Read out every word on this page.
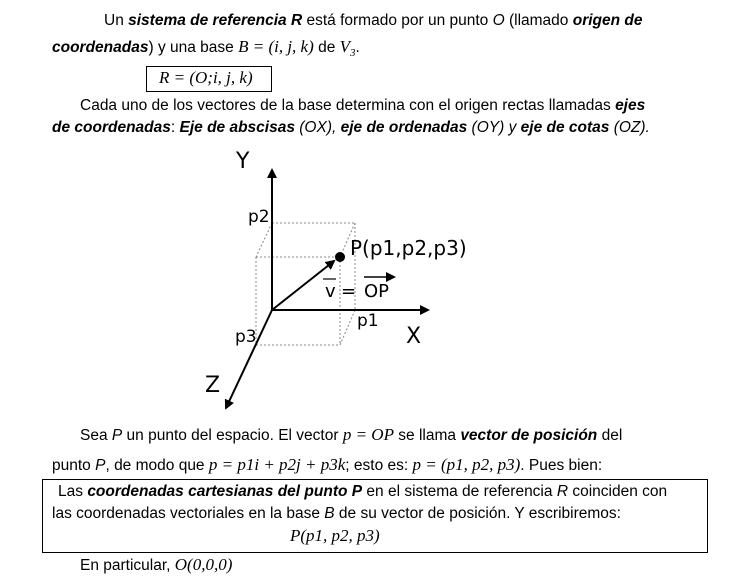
Un sistema de referencia R está formado por un punto O (llamado origen de
coordenadas) y una base B = (i, j, k) de $V_3$.
R = (O;i, j, k)
Cada uno de los vectores de la base determina con el origen rectas llamadas ejes
de coordenadas: Eje de abscisas (OX), eje de ordenadas (OY) y eje de cotas (OZ).
Y
X
Z
p2
p1
p3
P(p1,p2,p3)
v = OP
Sea P un punto del espacio. El vector p = OP se llama vector de posición del
punto P, de modo que p = p1i + p2j + p3k; esto es: p = (p1, p2, p3). Pues bien:
Las coordenadas cartesianas del punto P en el sistema de referencia R coinciden con
las coordenadas vectoriales en la base B de su vector de posición. Y escribiremos:
P(p1, p2, p3)
En particular, O(0,0,0)
